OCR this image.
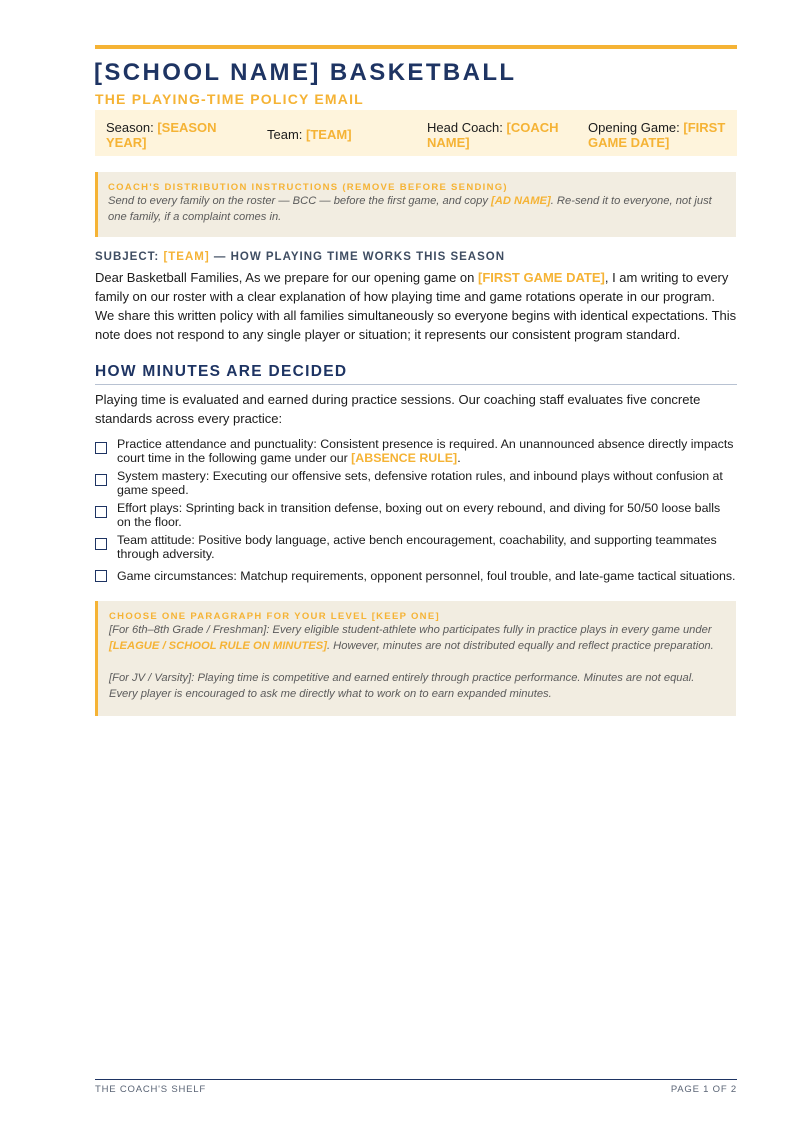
[SCHOOL NAME] BASKETBALL
THE PLAYING-TIME POLICY EMAIL
Season: [SEASON YEAR]
Team: [TEAM]	Head Coach: [COACH NAME]
Opening Game: [FIRST GAME DATE]
COACH'S DISTRIBUTION INSTRUCTIONS (REMOVE BEFORE SENDING)

Send to every family on the roster — BCC — before the first game, and copy [AD NAME]. Re-send it to everyone, not just one family, if a complaint comes in.

SUBJECT: [TEAM] — HOW PLAYING TIME WORKS THIS SEASON

Dear Basketball Families, As we prepare for our opening game on [FIRST GAME DATE], I am writing to every family on our roster with a clear explanation of how playing time and game rotations operate in our program. We share this written policy with all families simultaneously so everyone begins with identical expectations. This note does not respond to any single player or situation; it represents our consistent program standard.

HOW MINUTES ARE DECIDED

Playing time is evaluated and earned during practice sessions. Our coaching staff evaluates five concrete standards across every practice:

Practice attendance and punctuality: Consistent presence is required. An unannounced absence directly impacts court time in the following game under our [ABSENCE RULE].
System mastery: Executing our offensive sets, defensive rotation rules, and inbound plays without confusion at game speed.
Effort plays: Sprinting back in transition defense, boxing out on every rebound, and diving for 50/50 loose balls on the floor.
Team attitude: Positive body language, active bench encouragement, coachability, and supporting teammates through adversity.
Game circumstances: Matchup requirements, opponent personnel, foul trouble, and late-game tactical situations.
CHOOSE ONE PARAGRAPH FOR YOUR LEVEL [KEEP ONE]

[For 6th–8th Grade / Freshman]: Every eligible student-athlete who participates fully in practice plays in every game under [LEAGUE / SCHOOL RULE ON MINUTES]. However, minutes are not distributed equally and reflect practice preparation.

[For JV / Varsity]: Playing time is competitive and earned entirely through practice performance. Minutes are not equal. Every player is encouraged to ask me directly what to work on to earn expanded minutes.

THE COACH'S SHELF	PAGE 1 OF 2
